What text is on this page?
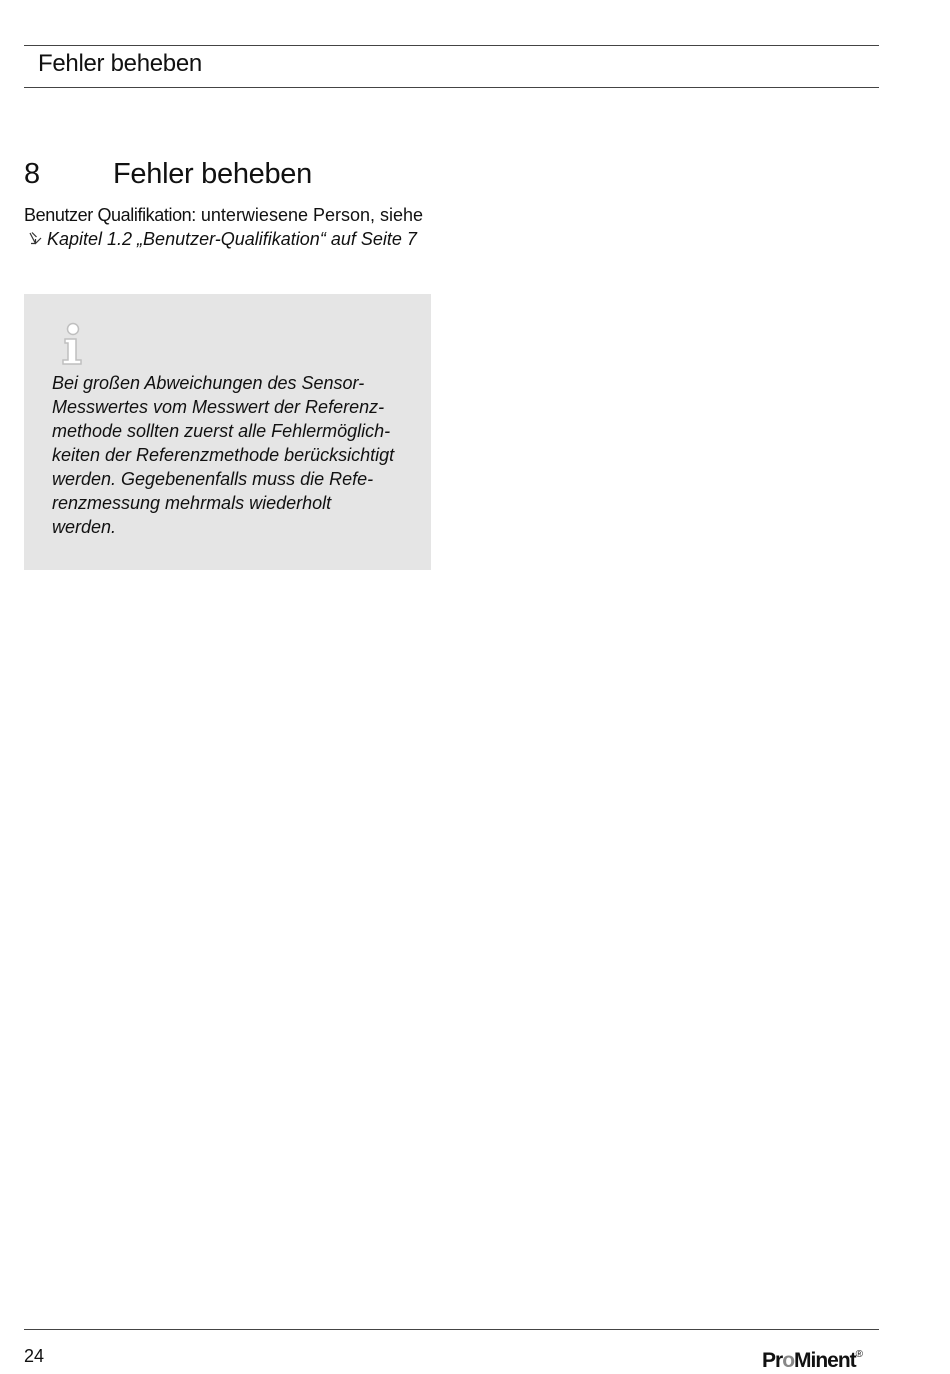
Fehler beheben
8	Fehler beheben
Benutzer Qualifikation: unterwiesene Person, sieheKapitel 1.2 „Benutzer-Qualifikation“ auf Seite 7
Bei großen Abweichungen des Sensor-
Messwertes vom Messwert der Referenz-
methode sollten zuerst alle Fehlermöglich-
keiten der Referenzmethode berücksichtigt
werden. Gegebenenfalls muss die Refe-
renzmessung mehrmals wiederholt
werden.
24	ProMinent®
